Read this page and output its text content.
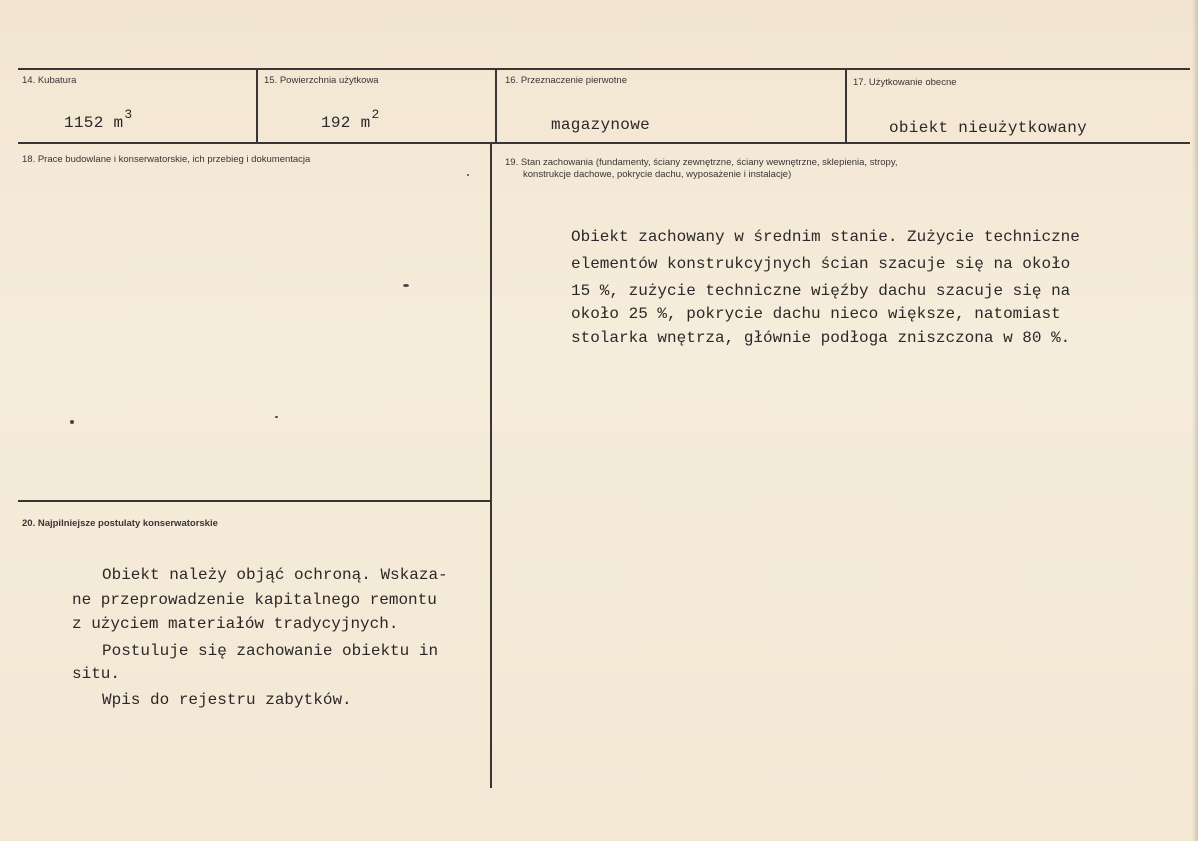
14. Kubatura
1152 $m^3$
15. Powierzchnia użytkowa
192 $m^2$
16. Przeznaczenie pierwotne
magazynowe
17. Użytkowanie obecne
obiekt nieużytkowany
18. Prace budowlane i konserwatorskie, ich przebieg i dokumentacja	19. Stan zachowania (fundamenty, ściany zewnętrzne, ściany wewnętrzne, sklepienia, stropy,
konstrukcje dachowe, pokrycie dachu, wyposażenie i instalacje)
Obiekt zachowany w średnim stanie. Zużycie techniczne
elementów konstrukcyjnych ścian szacuje się na około
15 %, zużycie techniczne więźby dachu szacuje się na
około 25 %, pokrycie dachu nieco większe, natomiast
stolarka wnętrza, głównie podłoga zniszczona w 80 %.
20. Najpilniejsze postulaty konserwatorskie
Obiekt należy objąć ochroną. Wskaza-
ne przeprowadzenie kapitalnego remontu
z użyciem materiałów tradycyjnych.
Postuluje się zachowanie obiektu in
situ.
Wpis do rejestru zabytków.
